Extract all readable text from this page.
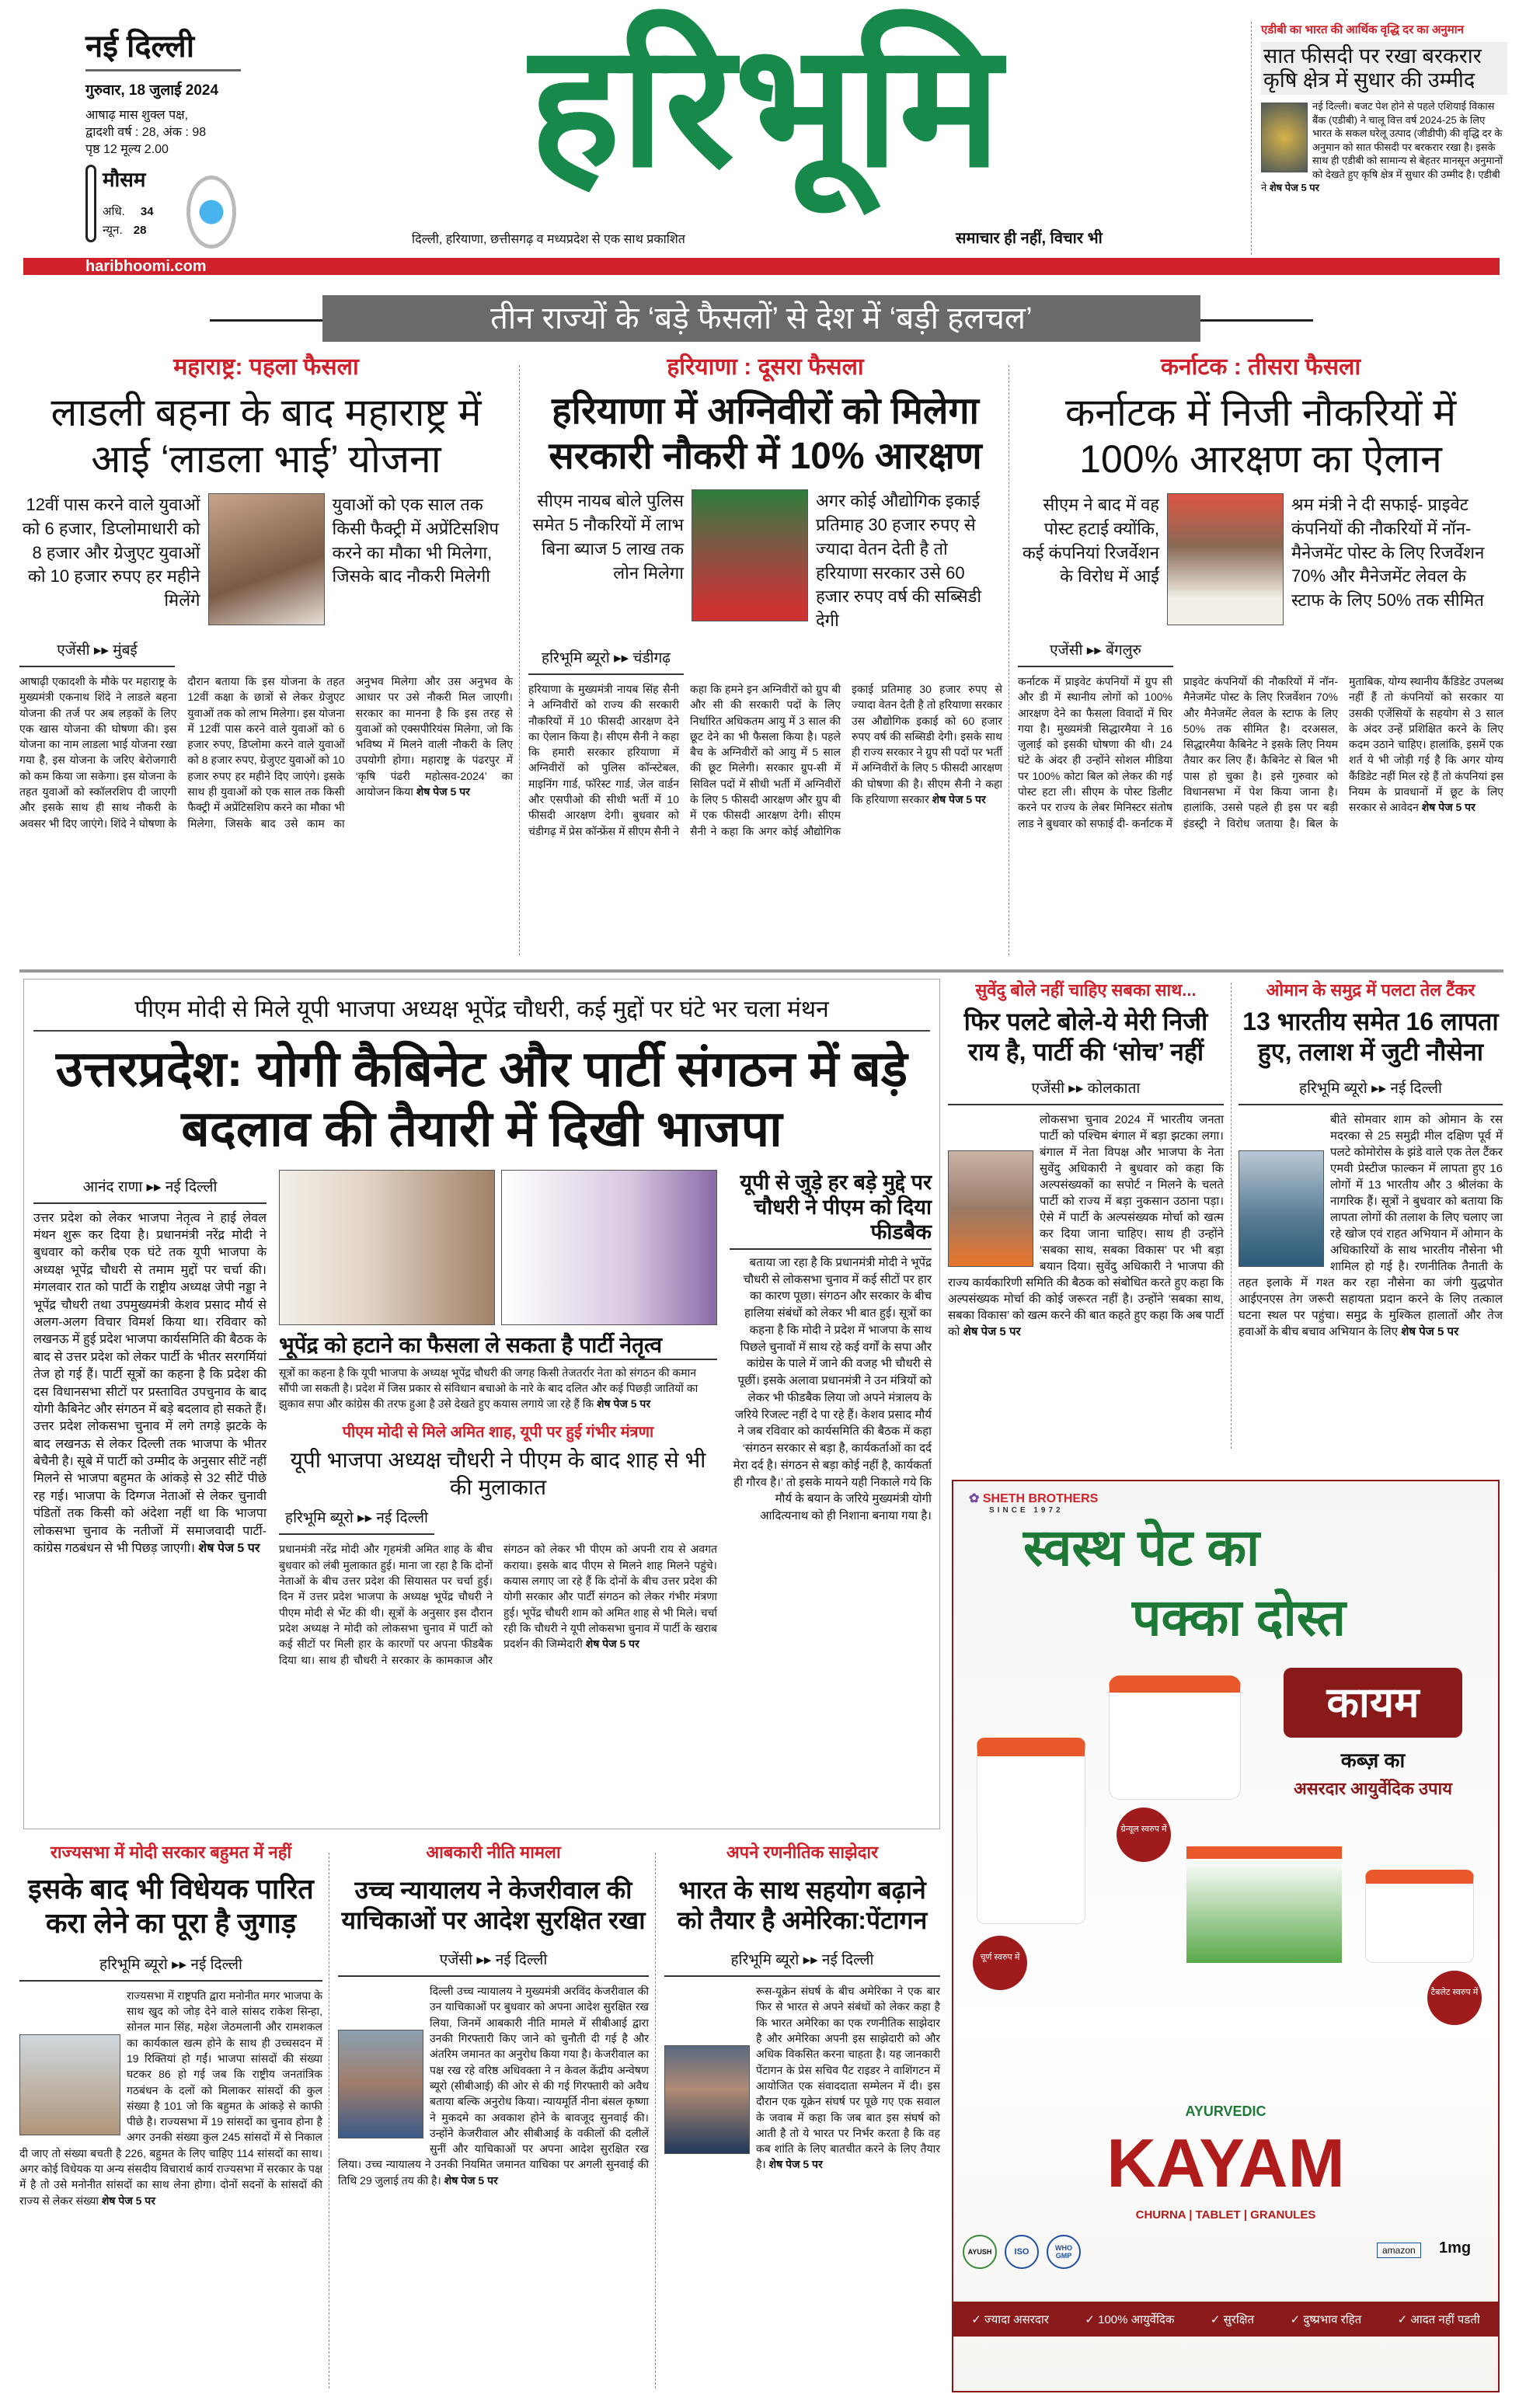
नई दिल्ली
गुरुवार, 18 जुलाई 2024
आषाढ़ मास शुक्ल पक्ष,
द्वादशी वर्ष : 28, अंक : 98
पृष्ठ 12 मूल्य 2.00
मौसम
अधि. 34
न्यून. 28
हरिभूमि
दिल्ली, हरियाणा, छत्तीसगढ़ व मध्यप्रदेश से एक साथ प्रकाशित	समाचार ही नहीं, विचार भी
एडीबी का भारत की आर्थिक वृद्धि दर का अनुमान
सात फीसदी पर रखा बरकरार कृषि क्षेत्र में सुधार की उम्मीद
नई दिल्ली। बजट पेश होने से पहले एशियाई विकास बैंक (एडीबी) ने चालू वित्त वर्ष 2024-25 के लिए भारत के सकल घरेलू उत्पाद (जीडीपी) की वृद्धि दर के अनुमान को सात फीसदी पर बरकरार रखा है। इसके साथ ही एडीबी को सामान्य से बेहतर मानसून अनुमानों को देखते हुए कृषि क्षेत्र में सुधार की उम्मीद है। एडीबी ने शेष पेज 5 पर
haribhoomi.com
तीन राज्यों के ‘बड़े फैसलों’ से देश में ‘बड़ी हलचल’
महाराष्ट्र: पहला फैसला
लाडली बहना के बाद महाराष्ट्र में आई ‘लाडला भाई’ योजना
12वीं पास करने वाले युवाओं को 6 हजार, डिप्लोमाधारी को 8 हजार और ग्रेजुएट युवाओं को 10 हजार रुपए हर महीने मिलेंगे
युवाओं को एक साल तक किसी फैक्ट्री में अप्रेंटिसशिप करने का मौका भी मिलेगा, जिसके बाद नौकरी मिलेगी
एजेंसी ▸▸ मुंबई
आषाढ़ी एकादशी के मौके पर महाराष्ट्र के मुख्यमंत्री एकनाथ शिंदे ने लाडले बहना योजना की तर्ज पर अब लड़कों के लिए एक खास योजना की घोषणा की। इस योजना का नाम लाडला भाई योजना रखा गया है, इस योजना के जरिए बेरोजगारी को कम किया जा सकेगा। इस योजना के तहत युवाओं को स्कॉलरशिप दी जाएगी और इसके साथ ही साथ नौकरी के अवसर भी दिए जाएंगे। शिंदे ने घोषणा के दौरान बताया कि इस योजना के तहत 12वीं कक्षा के छात्रों से लेकर ग्रेजुएट युवाओं तक को लाभ मिलेगा। इस योजना में 12वीं पास करने वाले युवाओं को 6 हजार रुपए, डिप्लोमा करने वाले युवाओं को 8 हजार रुपए, ग्रेजुएट युवाओं को 10 हजार रुपए हर महीने दिए जाएंगे। इसके साथ ही युवाओं को एक साल तक किसी फैक्ट्री में अप्रेंटिसशिप करने का मौका भी मिलेगा, जिसके बाद उसे काम का अनुभव मिलेगा और उस अनुभव के आधार पर उसे नौकरी मिल जाएगी। सरकार का मानना है कि इस तरह से युवाओं को एक्सपीरियंस मिलेगा, जो कि भविष्य में मिलने वाली नौकरी के लिए उपयोगी होगा। महाराष्ट्र के पंढरपुर में ‘कृषि पंढरी महोत्सव-2024’ का आयोजन किया शेष पेज 5 पर
हरियाणा : दूसरा फैसला
हरियाणा में अग्निवीरों को मिलेगा सरकारी नौकरी में 10% आरक्षण
सीएम नायब बोले पुलिस समेत 5 नौकरियों में लाभ बिना ब्याज 5 लाख तक लोन मिलेगा
अगर कोई औद्योगिक इकाई प्रतिमाह 30 हजार रुपए से ज्यादा वेतन देती है तो हरियाणा सरकार उसे 60 हजार रुपए वर्ष की सब्सिडी देगी
हरिभूमि ब्यूरो ▸▸ चंडीगढ़
हरियाणा के मुख्यमंत्री नायब सिंह सैनी ने अग्निवीरों को राज्य की सरकारी नौकरियों में 10 फीसदी आरक्षण देने का ऐलान किया है। सीएम सैनी ने कहा कि हमारी सरकार हरियाणा में अग्निवीरों को पुलिस कॉन्स्टेबल, माइनिंग गार्ड, फॉरेस्ट गार्ड, जेल वार्डन और एसपीओ की सीधी भर्ती में 10 फीसदी आरक्षण देगी। बुधवार को चंडीगढ़ में प्रेस कॉन्फ्रेंस में सीएम सैनी ने कहा कि हमने इन अग्निवीरों को ग्रुप बी और सी की सरकारी पदों के लिए निर्धारित अधिकतम आयु में 3 साल की छूट देने का भी फैसला किया है। पहले बैच के अग्निवीरों को आयु में 5 साल की छूट मिलेगी। सरकार ग्रुप-सी में सिविल पदों में सीधी भर्ती में अग्निवीरों के लिए 5 फीसदी आरक्षण और ग्रुप बी में एक फीसदी आरक्षण देगी। सीएम सैनी ने कहा कि अगर कोई औद्योगिक इकाई प्रतिमाह 30 हजार रुपए से ज्यादा वेतन देती है तो हरियाणा सरकार उस औद्योगिक इकाई को 60 हजार रुपए वर्ष की सब्सिडी देगी। इसके साथ ही राज्य सरकार ने ग्रुप सी पदों पर भर्ती में अग्निवीरों के लिए 5 फीसदी आरक्षण की घोषणा की है। सीएम सैनी ने कहा कि हरियाणा सरकार शेष पेज 5 पर
कर्नाटक : तीसरा फैसला
कर्नाटक में निजी नौकरियों में 100% आरक्षण का ऐलान
सीएम ने बाद में वह पोस्ट हटाई क्योंकि, कई कंपनियां रिजर्वेशन के विरोध में आईं
श्रम मंत्री ने दी सफाई- प्राइवेट कंपनियों की नौकरियों में नॉन-मैनेजमेंट पोस्ट के लिए रिजर्वेशन 70% और मैनेजमेंट लेवल के स्टाफ के लिए 50% तक सीमित
एजेंसी ▸▸ बेंगलुरु
कर्नाटक में प्राइवेट कंपनियों में ग्रुप सी और डी में स्थानीय लोगों को 100% आरक्षण देने का फैसला विवादों में घिर गया है। मुख्यमंत्री सिद्धारमैया ने 16 जुलाई को इसकी घोषणा की थी। 24 घंटे के अंदर ही उन्होंने सोशल मीडिया पर 100% कोटा बिल को लेकर की गई पोस्ट हटा ली। सीएम के पोस्ट डिलीट करने पर राज्य के लेबर मिनिस्टर संतोष लाड ने बुधवार को सफाई दी- कर्नाटक में प्राइवेट कंपनियों की नौकरियों में नॉन-मैनेजमेंट पोस्ट के लिए रिजर्वेशन 70% और मैनेजमेंट लेवल के स्टाफ के लिए 50% तक सीमित है। दरअसल, सिद्धारमैया कैबिनेट ने इसके लिए नियम तैयार कर लिए हैं। कैबिनेट से बिल भी पास हो चुका है। इसे गुरुवार को विधानसभा में पेश किया जाना है। हालांकि, उससे पहले ही इस पर बड़ी इंडस्ट्री ने विरोध जताया है। बिल के मुताबिक, योग्य स्थानीय कैंडिडेट उपलब्ध नहीं हैं तो कंपनियों को सरकार या उसकी एजेंसियों के सहयोग से 3 साल के अंदर उन्हें प्रशिक्षित करने के लिए कदम उठाने चाहिए। हालांकि, इसमें एक शर्त ये भी जोड़ी गई है कि अगर योग्य कैंडिडेट नहीं मिल रहे हैं तो कंपनियां इस नियम के प्रावधानों में छूट के लिए सरकार से आवेदन शेष पेज 5 पर
पीएम मोदी से मिले यूपी भाजपा अध्यक्ष भूपेंद्र चौधरी, कई मुद्दों पर घंटे भर चला मंथन
उत्तरप्रदेश: योगी कैबिनेट और पार्टी संगठन में बड़े बदलाव की तैयारी में दिखी भाजपा
आनंद राणा ▸▸ नई दिल्ली
उत्तर प्रदेश को लेकर भाजपा नेतृत्व ने हाई लेवल मंथन शुरू कर दिया है। प्रधानमंत्री नरेंद्र मोदी ने बुधवार को करीब एक घंटे तक यूपी भाजपा के अध्यक्ष भूपेंद्र चौधरी से तमाम मुद्दों पर चर्चा की। मंगलवार रात को पार्टी के राष्ट्रीय अध्यक्ष जेपी नड्डा ने भूपेंद्र चौधरी तथा उपमुख्यमंत्री केशव प्रसाद मौर्य से अलग-अलग विचार विमर्श किया था। रविवार को लखनऊ में हुई प्रदेश भाजपा कार्यसमिति की बैठक के बाद से उत्तर प्रदेश को लेकर पार्टी के भीतर सरगर्मियां तेज हो गई हैं। पार्टी सूत्रों का कहना है कि प्रदेश की दस विधानसभा सीटों पर प्रस्तावित उपचुनाव के बाद योगी कैबिनेट और संगठन में बड़े बदलाव हो सकते हैं। उत्तर प्रदेश लोकसभा चुनाव में लगे तगड़े झटके के बाद लखनऊ से लेकर दिल्ली तक भाजपा के भीतर बेचैनी है। सूबे में पार्टी को उम्मीद के अनुसार सीटें नहीं मिलने से भाजपा बहुमत के आंकड़े से 32 सीटें पीछे रह गई। भाजपा के दिग्गज नेताओं से लेकर चुनावी पंडितों तक किसी को अंदेशा नहीं था कि भाजपा लोकसभा चुनाव के नतीजों में समाजवादी पार्टी-कांग्रेस गठबंधन से भी पिछड़ जाएगी। शेष पेज 5 पर
भूपेंद्र को हटाने का फैसला ले सकता है पार्टी नेतृत्व
सूत्रों का कहना है कि यूपी भाजपा के अध्यक्ष भूपेंद्र चौधरी की जगह किसी तेजतर्रार नेता को संगठन की कमान सौंपी जा सकती है। प्रदेश में जिस प्रकार से संविधान बचाओ के नारे के बाद दलित और कई पिछड़ी जातियों का झुकाव सपा और कांग्रेस की तरफ हुआ है उसे देखते हुए कयास लगाये जा रहे हैं कि शेष पेज 5 पर
पीएम मोदी से मिले अमित शाह, यूपी पर हुई गंभीर मंत्रणा
यूपी भाजपा अध्यक्ष चौधरी ने पीएम के बाद शाह से भी की मुलाकात
हरिभूमि ब्यूरो ▸▸ नई दिल्ली
प्रधानमंत्री नरेंद्र मोदी और गृहमंत्री अमित शाह के बीच बुधवार को लंबी मुलाकात हुई। माना जा रहा है कि दोनों नेताओं के बीच उत्तर प्रदेश की सियासत पर चर्चा हुई। दिन में उत्तर प्रदेश भाजपा के अध्यक्ष भूपेंद्र चौधरी ने पीएम मोदी से भेंट की थी। सूत्रों के अनुसार इस दौरान प्रदेश अध्यक्ष ने मोदी को लोकसभा चुनाव में पार्टी को कई सीटों पर मिली हार के कारणों पर अपना फीडबैक दिया था। साथ ही चौधरी ने सरकार के कामकाज और संगठन को लेकर भी पीएम को अपनी राय से अवगत कराया। इसके बाद पीएम से मिलने शाह मिलने पहुंचे। कयास लगाए जा रहे हैं कि दोनों के बीच उत्तर प्रदेश की योगी सरकार और पार्टी संगठन को लेकर गंभीर मंत्रणा हुई। भूपेंद्र चौधरी शाम को अमित शाह से भी मिले। चर्चा रही कि चौधरी ने यूपी लोकसभा चुनाव में पार्टी के खराब प्रदर्शन की जिम्मेदारी शेष पेज 5 पर
यूपी से जुड़े हर बड़े मुद्दे पर चौधरी ने पीएम को दिया फीडबैक
बताया जा रहा है कि प्रधानमंत्री मोदी ने भूपेंद्र चौधरी से लोकसभा चुनाव में कई सीटों पर हार का कारण पूछा। संगठन और सरकार के बीच हालिया संबंधों को लेकर भी बात हुई। सूत्रों का कहना है कि मोदी ने प्रदेश में भाजपा के साथ पिछले चुनावों में साथ रहे कई वर्गों के सपा और कांग्रेस के पाले में जाने की वजह भी चौधरी से पूछीं। इसके अलावा प्रधानमंत्री ने उन मंत्रियों को लेकर भी फीडबैक लिया जो अपने मंत्रालय के जरिये रिजल्ट नहीं दे पा रहे हैं। केशव प्रसाद मौर्य ने जब रविवार को कार्यसमिति की बैठक में कहा ‘संगठन सरकार से बड़ा है, कार्यकर्ताओं का दर्द मेरा दर्द है। संगठन से बड़ा कोई नहीं है, कार्यकर्ता ही गौरव है।’ तो इसके मायने यही निकाले गये कि मौर्य के बयान के जरिये मुख्यमंत्री योगी आदित्यनाथ को ही निशाना बनाया गया है।
सुवेंदु बोले नहीं चाहिए सबका साथ...
फिर पलटे बोले-ये मेरी निजी राय है, पार्टी की ‘सोच’ नहीं
एजेंसी ▸▸ कोलकाता
लोकसभा चुनाव 2024 में भारतीय जनता पार्टी को पश्चिम बंगाल में बड़ा झटका लगा। बंगाल में नेता विपक्ष और भाजपा के नेता सुवेंदु अधिकारी ने बुधवार को कहा कि अल्पसंख्यकों का सपोर्ट न मिलने के चलते पार्टी को राज्य में बड़ा नुकसान उठाना पड़ा। ऐसे में पार्टी के अल्पसंख्यक मोर्चा को खत्म कर दिया जाना चाहिए। साथ ही उन्होंने ‘सबका साथ, सबका विकास’ पर भी बड़ा बयान दिया। सुवेंदु अधिकारी ने भाजपा की राज्य कार्यकारिणी समिति की बैठक को संबोधित करते हुए कहा कि अल्पसंख्यक मोर्चा की कोई जरूरत नहीं है। उन्होंने ‘सबका साथ, सबका विकास’ को खत्म करने की बात कहते हुए कहा कि अब पार्टी को शेष पेज 5 पर
ओमान के समुद्र में पलटा तेल टैंकर
13 भारतीय समेत 16 लापता हुए, तलाश में जुटी नौसेना
हरिभूमि ब्यूरो ▸▸ नई दिल्ली
बीते सोमवार शाम को ओमान के रस मदरका से 25 समुद्री मील दक्षिण पूर्व में पलटे कोमोरोस के झंडे वाले एक तेल टैंकर एमवी प्रेस्टीज फाल्कन में लापता हुए 16 लोगों में 13 भारतीय और 3 श्रीलंका के नागरिक हैं। सूत्रों ने बुधवार को बताया कि लापता लोगों की तलाश के लिए चलाए जा रहे खोज एवं राहत अभियान में ओमान के अधिकारियों के साथ भारतीय नौसेना भी शामिल हो गई है। रणनीतिक तैनाती के तहत इलाके में गश्त कर रहा नौसेना का जंगी युद्धपोत आईएनएस तेग जरूरी सहायता प्रदान करने के लिए तत्काल घटना स्थल पर पहुंचा। समुद्र के मुश्किल हालातों और तेज हवाओं के बीच बचाव अभियान के लिए शेष पेज 5 पर
✿ SHETH BROTHERS
SINCE 1972
स्वस्थ पेट का
पक्का दोस्त
कायम
कब्ज़ का
असरदार आयुर्वेदिक उपाय
चूर्ण स्वरुप में
ग्रेन्यूल स्वरुप में
टैबलेट स्वरुप में
AYURVEDIC
KAYAM
CHURNA | TABLET | GRANULES
AYUSH	ISO	WHO GMP	amazon	1mg
✓ ज्यादा असरदार	✓ 100% आयुर्वेदिक	✓ सुरक्षित	✓ दुष्प्रभाव रहित	✓ आदत नहीं पडती
राज्यसभा में मोदी सरकार बहुमत में नहीं
इसके बाद भी विधेयक पारित करा लेने का पूरा है जुगाड़
हरिभूमि ब्यूरो ▸▸ नई दिल्ली
राज्यसभा में राष्ट्रपति द्वारा मनोनीत मगर भाजपा के साथ खुद को जोड़ देने वाले सांसद राकेश सिन्हा, सोनल मान सिंह, महेश जेठमलानी और रामशकल का कार्यकाल खत्म होने के साथ ही उच्चसदन में 19 रिक्तियां हो गईं। भाजपा सांसदों की संख्या घटकर 86 हो गई जब कि राष्ट्रीय जनतांत्रिक गठबंधन के दलों को मिलाकर सांसदों की कुल संख्या है 101 जो कि बहुमत के आंकड़े से काफी पीछे है। राज्यसभा में 19 सांसदों का चुनाव होना है अगर उनकी संख्या कुल 245 सांसदों में से निकाल दी जाए तो संख्या बचती है 226, बहुमत के लिए चाहिए 114 सांसदों का साथ। अगर कोई विधेयक या अन्य संसदीय विचारार्थ कार्य राज्यसभा में सरकार के पक्ष में है तो उसे मनोनीत सांसदों का साथ लेना होगा। दोनों सदनों के सांसदों की राज्य से लेकर संख्या शेष पेज 5 पर
आबकारी नीति मामला
उच्च न्यायालय ने केजरीवाल की याचिकाओं पर आदेश सुरक्षित रखा
एजेंसी ▸▸ नई दिल्ली
दिल्ली उच्च न्यायालय ने मुख्यमंत्री अरविंद केजरीवाल की उन याचिकाओं पर बुधवार को अपना आदेश सुरक्षित रख लिया, जिनमें आबकारी नीति मामले में सीबीआई द्वारा उनकी गिरफ्तारी किए जाने को चुनौती दी गई है और अंतरिम जमानत का अनुरोध किया गया है। केजरीवाल का पक्ष रख रहे वरिष्ठ अधिवक्ता ने न केवल केंद्रीय अन्वेषण ब्यूरो (सीबीआई) की ओर से की गई गिरफ्तारी को अवैध बताया बल्कि अनुरोध किया। न्यायमूर्ति नीना बंसल कृष्णा ने मुकदमे का अवकाश होने के बावजूद सुनवाई की। उन्होंने केजरीवाल और सीबीआई के वकीलों की दलीलें सुनीं और याचिकाओं पर अपना आदेश सुरक्षित रख लिया। उच्च न्यायालय ने उनकी नियमित जमानत याचिका पर अगली सुनवाई की तिथि 29 जुलाई तय की है। शेष पेज 5 पर
अपने रणनीतिक साझेदार
भारत के साथ सहयोग बढ़ाने को तैयार है अमेरिका:पेंटागन
हरिभूमि ब्यूरो ▸▸ नई दिल्ली
रूस-यूक्रेन संघर्ष के बीच अमेरिका ने एक बार फिर से भारत से अपने संबंधों को लेकर कहा है कि भारत अमेरिका का एक रणनीतिक साझेदार है और अमेरिका अपनी इस साझेदारी को और अधिक विकसित करना चाहता है। यह जानकारी पेंटागन के प्रेस सचिव पैट राइडर ने वाशिंगटन में आयोजित एक संवाददाता सम्मेलन में दी। इस दौरान एक यूक्रेन संघर्ष पर पूछे गए एक सवाल के जवाब में कहा कि जब बात इस संघर्ष को आती है तो ये भारत पर निर्भर करता है कि वह कब शांति के लिए बातचीत करने के लिए तैयार है। शेष पेज 5 पर
